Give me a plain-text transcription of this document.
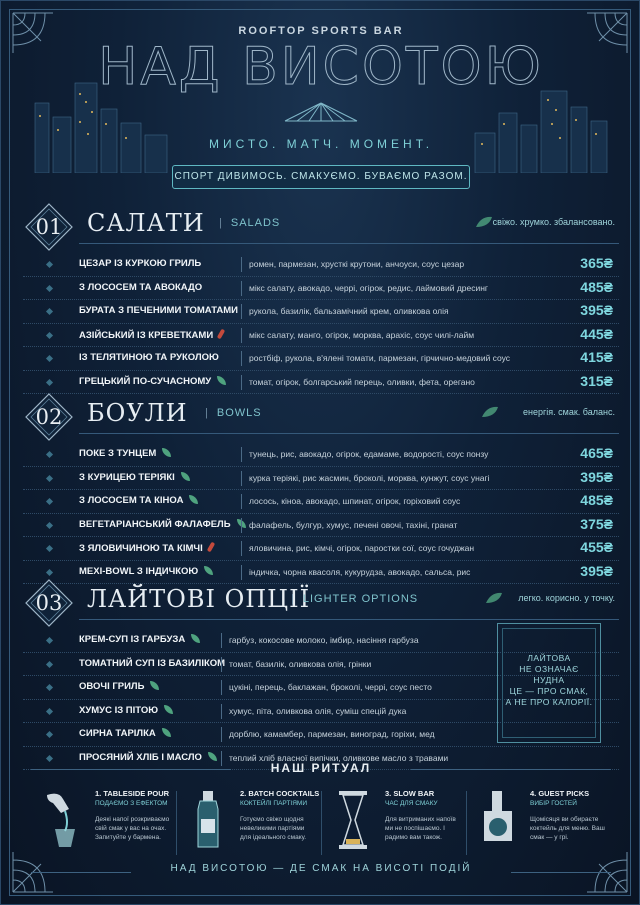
ROOFTOP SPORTS BAR
НАД ВИСОТОЮ
МИСТО. МАТЧ. МОМЕНТ.
СПОРТ ДИВИМОСЬ. СМАКУЄМО. БУВАЄМО РАЗОМ.
01	САЛАТИ	| SALADS	свіжо. хрумко. збалансовано.
ЦЕЗАР ІЗ КУРКОЮ ГРИЛЬ	ромен, пармезан, хрусткі крутони, анчоуси, соус цезар	365₴
З ЛОСОСЕМ ТА АВОКАДО	мікс салату, авокадо, черрі, огірок, редис, лаймовий дресинг	485₴
БУРАТА З ПЕЧЕНИМИ ТОМАТАМИ рукола, базилік, бальзамічний крем, оливкова олія	395₴
АЗІЙСЬКИЙ ІЗ КРЕВЕТКАМИ	мікс салату, манго, огірок, морква, арахіс, соус чилі-лайм	445₴
ІЗ ТЕЛЯТИНОЮ ТА РУКОЛОЮ	ростбіф, рукола, в'ялені томати, пармезан, гірчично-медовий соус	415₴
ГРЕЦЬКИЙ ПО-СУЧАСНОМУ	томат, огірок, болгарський перець, оливки, фета, орегано	315₴
02	БОУЛИ	| BOWLS	енергія. смак. баланс.
ПОКЕ З ТУНЦЕМ	тунець, рис, авокадо, огірок, едамаме, водорості, соус понзу	465₴
З КУРИЦЕЮ ТЕРІЯКІ	курка теріякі, рис жасмин, броколі, морква, кунжут, соус унагі	395₴
З ЛОСОСЕМ ТА КІНОА	лосось, кіноа, авокадо, шпинат, огірок, горіховий соус	485₴
ВЕГЕТАРІАНСЬКИЙ ФАЛАФЕЛЬ	фалафель, булгур, хумус, печені овочі, тахіні, гранат	375₴
З ЯЛОВИЧИНОЮ ТА КІМЧІ	яловичина, рис, кімчі, огірок, паростки сої, соус гочуджан	455₴
MEXI-BOWL З ІНДИЧКОЮ	індичка, чорна квасоля, кукурудза, авокадо, сальса, рис	395₴
03	ЛАЙТОВІ ОПЦІЇ
| LIGHTER OPTIONS	легко. корисно. у точку.
КРЕМ-СУП ІЗ ГАРБУЗА	гарбуз, кокосове молоко, імбир, насіння гарбуза
ТОМАТНИЙ СУП ІЗ БАЗИЛІКОМ томат, базилік, оливкова олія, грінки
ОВОЧІ ГРИЛЬ	цукіні, перець, баклажан, броколі, черрі, соус песто
ХУМУС ІЗ ПІТОЮ	хумус, піта, оливкова олія, суміш спецій дука
СИРНА ТАРІЛКА	дорблю, камамбер, пармезан, виноград, горіхи, мед
ПРОСЯНИЙ ХЛІБ І МАСЛО	теплий хліб власної випічки, оливкове масло з травами
ЛАЙТОВА
НЕ ОЗНАЧАЄ
НУДНА
ЦЕ — ПРО СМАК,
А НЕ ПРО КАЛОРІЇ.
НАШ РИТУАЛ
1. TABLESIDE POUR
ПОДАЄМО З ЕФЕКТОМ
Деякі напої розкриваємо свій смак у вас на очах. Запитуйте у бармена.
2. BATCH COCKTAILS
КОКТЕЙЛІ ПАРТІЯМИ
Готуємо свіжо щодня невеликими партіями для ідеального смаку.
3. SLOW BAR
ЧАС ДЛЯ СМАКУ
Для витриманих напоїв ми не поспішаємо. І радимо вам також.
4. GUEST PICKS
ВИБІР ГОСТЕЙ
Щомісяця ви обираєте коктейль для меню. Ваш смак — у грі.
НАД ВИСОТОЮ — ДЕ СМАК НА ВИСОТІ ПОДІЙ
